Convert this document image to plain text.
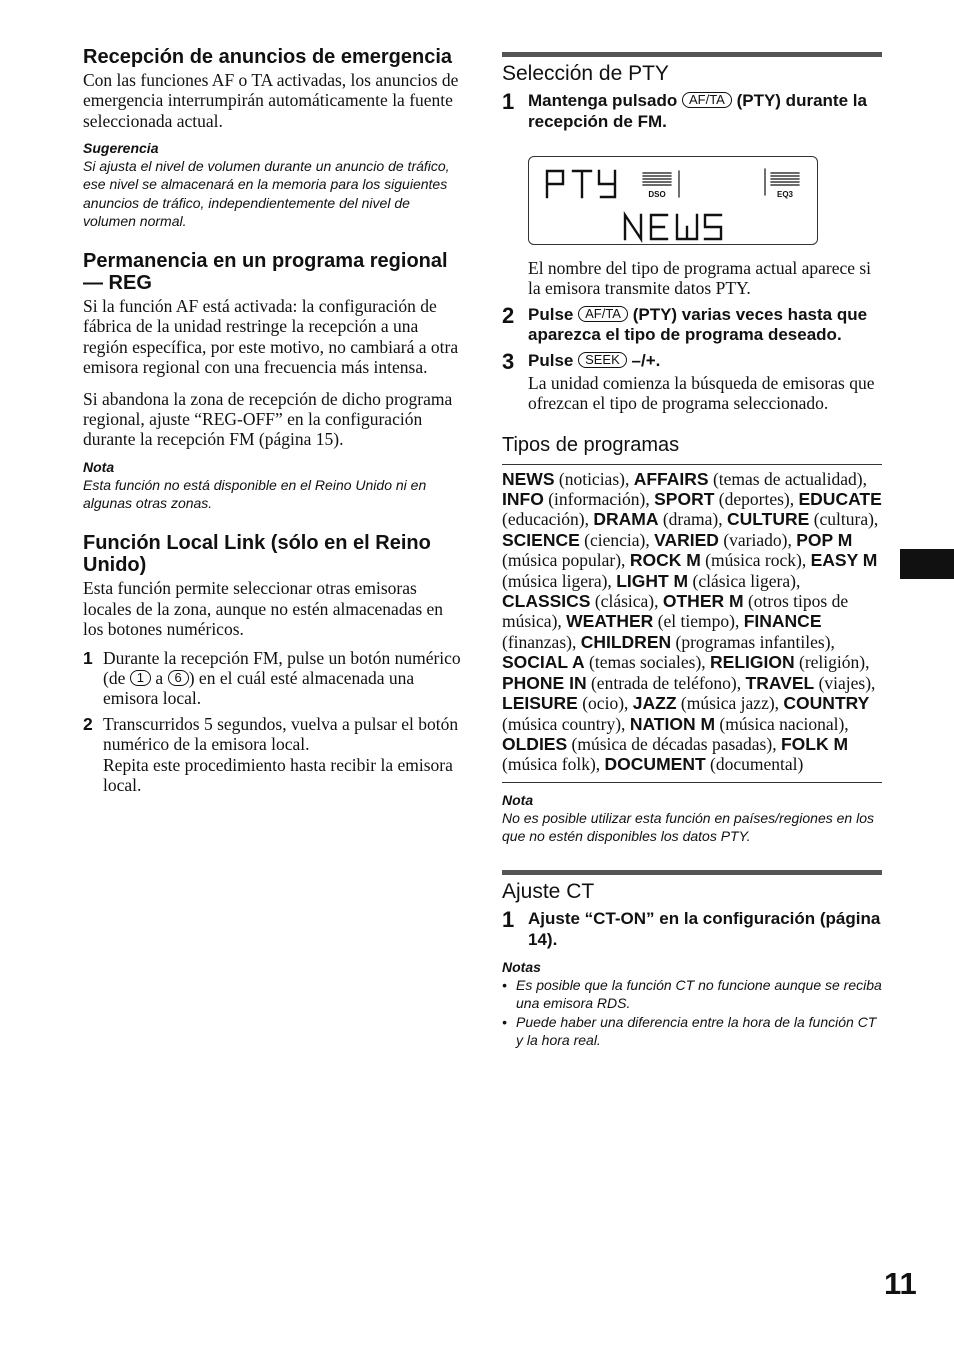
Recepción de anuncios de emergencia

Con las funciones AF o TA activadas, los anuncios de emergencia interrumpirán automáticamente la fuente seleccionada actual.

Sugerencia

Si ajusta el nivel de volumen durante un anuncio de tráfico, ese nivel se almacenará en la memoria para los siguientes anuncios de tráfico, independientemente del nivel de volumen normal.

Permanencia en un programa regional — REG

Si la función AF está activada: la configuración de fábrica de la unidad restringe la recepción a una región específica, por este motivo, no cambiará a otra emisora regional con una frecuencia más intensa.

Si abandona la zona de recepción de dicho programa regional, ajuste “REG-OFF” en la configuración durante la recepción FM (página 15).

Nota

Esta función no está disponible en el Reino Unido ni en algunas otras zonas.

Función Local Link (sólo en el Reino Unido)

Esta función permite seleccionar otras emisoras locales de la zona, aunque no estén almacenadas en los botones numéricos.

1 Durante la recepción FM, pulse un botón numérico (de 1 a 6 ) en el cuál esté almacenada una emisora local.
2 Transcurridos 5 segundos, vuelva a pulsar el botón numérico de la emisora local.
Repita este procedimiento hasta recibir la emisora local.
Selección de PTY
1 Mantenga pulsado AF/TA (PTY) durante la recepción de FM.
El nombre del tipo de programa actual aparece si la emisora transmite datos PTY.
2 Pulse AF/TA (PTY) varias veces hasta que aparezca el tipo de programa deseado.
3 Pulse SEEK –/+.
La unidad comienza la búsqueda de emisoras que ofrezcan el tipo de programa seleccionado.
Tipos de programas
NEWS (noticias), AFFAIRS (temas de actualidad), INFO (información), SPORT (deportes), EDUCATE (educación), DRAMA (drama), CULTURE (cultura), SCIENCE (ciencia), VARIED (variado), POP M (música popular), ROCK M (música rock), EASY M (música ligera), LIGHT M (clásica ligera), CLASSICS (clásica), OTHER M (otros tipos de música), WEATHER (el tiempo), FINANCE (finanzas), CHILDREN (programas infantiles), SOCIAL A (temas sociales), RELIGION (religión), PHONE IN (entrada de teléfono), TRAVEL (viajes), LEISURE (ocio), JAZZ (música jazz), COUNTRY (música country), NATION M (música nacional), OLDIES (música de décadas pasadas), FOLK M (música folk), DOCUMENT (documental)

Nota

No es posible utilizar esta función en países/regiones en los que no estén disponibles los datos PTY.

Ajuste CT
1 Ajuste “CT-ON” en la configuración (página 14).

Notas

• Es posible que la función CT no funcione aunque se reciba una emisora RDS.
• Puede haber una diferencia entre la hora de la función CT y la hora real.
DSO	EQ3
11
